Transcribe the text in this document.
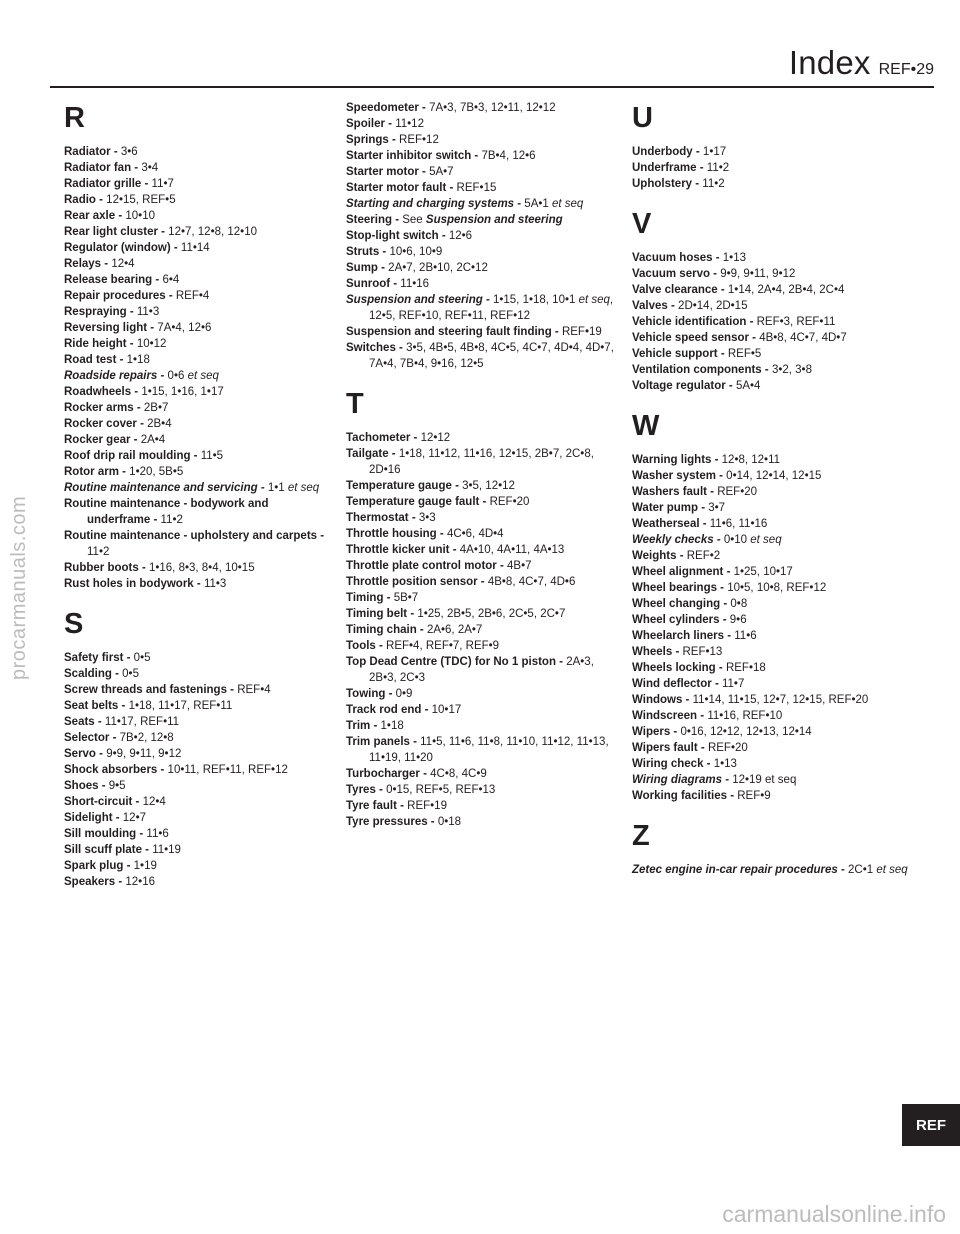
Index REF•29
R
Radiator - 3•6
Radiator fan - 3•4
Radiator grille - 11•7
Radio - 12•15, REF•5
Rear axle - 10•10
Rear light cluster - 12•7, 12•8, 12•10
Regulator (window) - 11•14
Relays - 12•4
Release bearing - 6•4
Repair procedures - REF•4
Respraying - 11•3
Reversing light - 7A•4, 12•6
Ride height - 10•12
Road test - 1•18
Roadside repairs - 0•6 et seq
Roadwheels - 1•15, 1•16, 1•17
Rocker arms - 2B•7
Rocker cover - 2B•4
Rocker gear - 2A•4
Roof drip rail moulding - 11•5
Rotor arm - 1•20, 5B•5
Routine maintenance and servicing - 1•1 et seq
Routine maintenance - bodywork and underframe - 11•2
Routine maintenance - upholstery and carpets - 11•2
Rubber boots - 1•16, 8•3, 8•4, 10•15
Rust holes in bodywork - 11•3
S
Safety first - 0•5
Scalding - 0•5
Screw threads and fastenings - REF•4
Seat belts - 1•18, 11•17, REF•11
Seats - 11•17, REF•11
Selector - 7B•2, 12•8
Servo - 9•9, 9•11, 9•12
Shock absorbers - 10•11, REF•11, REF•12
Shoes - 9•5
Short-circuit - 12•4
Sidelight - 12•7
Sill moulding - 11•6
Sill scuff plate - 11•19
Spark plug - 1•19
Speakers - 12•16
Speedometer - 7A•3, 7B•3, 12•11, 12•12
Spoiler - 11•12
Springs - REF•12
Starter inhibitor switch - 7B•4, 12•6
Starter motor - 5A•7
Starter motor fault - REF•15
Starting and charging systems - 5A•1 et seq
Steering - See Suspension and steering
Stop-light switch - 12•6
Struts - 10•6, 10•9
Sump - 2A•7, 2B•10, 2C•12
Sunroof - 11•16
Suspension and steering - 1•15, 1•18, 10•1 et seq, 12•5, REF•10, REF•11, REF•12
Suspension and steering fault finding - REF•19
Switches - 3•5, 4B•5, 4B•8, 4C•5, 4C•7, 4D•4, 4D•7, 7A•4, 7B•4, 9•16, 12•5
T
Tachometer - 12•12
Tailgate - 1•18, 11•12, 11•16, 12•15, 2B•7, 2C•8, 2D•16
Temperature gauge - 3•5, 12•12
Temperature gauge fault - REF•20
Thermostat - 3•3
Throttle housing - 4C•6, 4D•4
Throttle kicker unit - 4A•10, 4A•11, 4A•13
Throttle plate control motor - 4B•7
Throttle position sensor - 4B•8, 4C•7, 4D•6
Timing - 5B•7
Timing belt - 1•25, 2B•5, 2B•6, 2C•5, 2C•7
Timing chain - 2A•6, 2A•7
Tools - REF•4, REF•7, REF•9
Top Dead Centre (TDC) for No 1 piston - 2A•3, 2B•3, 2C•3
Towing - 0•9
Track rod end - 10•17
Trim - 1•18
Trim panels - 11•5, 11•6, 11•8, 11•10, 11•12, 11•13, 11•19, 11•20
Turbocharger - 4C•8, 4C•9
Tyres - 0•15, REF•5, REF•13
Tyre fault - REF•19
Tyre pressures - 0•18
U
Underbody - 1•17
Underframe - 11•2
Upholstery - 11•2
V
Vacuum hoses - 1•13
Vacuum servo - 9•9, 9•11, 9•12
Valve clearance - 1•14, 2A•4, 2B•4, 2C•4
Valves - 2D•14, 2D•15
Vehicle identification - REF•3, REF•11
Vehicle speed sensor - 4B•8, 4C•7, 4D•7
Vehicle support - REF•5
Ventilation components - 3•2, 3•8
Voltage regulator - 5A•4
W
Warning lights - 12•8, 12•11
Washer system - 0•14, 12•14, 12•15
Washers fault - REF•20
Water pump - 3•7
Weatherseal - 11•6, 11•16
Weekly checks - 0•10 et seq
Weights - REF•2
Wheel alignment - 1•25, 10•17
Wheel bearings - 10•5, 10•8, REF•12
Wheel changing - 0•8
Wheel cylinders - 9•6
Wheelarch liners - 11•6
Wheels - REF•13
Wheels locking - REF•18
Wind deflector - 11•7
Windows - 11•14, 11•15, 12•7, 12•15, REF•20
Windscreen - 11•16, REF•10
Wipers - 0•16, 12•12, 12•13, 12•14
Wipers fault - REF•20
Wiring check - 1•13
Wiring diagrams - 12•19 et seq
Working facilities - REF•9
Z
Zetec engine in-car repair procedures - 2C•1 et seq
procarmanuals.com
carmanualsonline.info
REF
